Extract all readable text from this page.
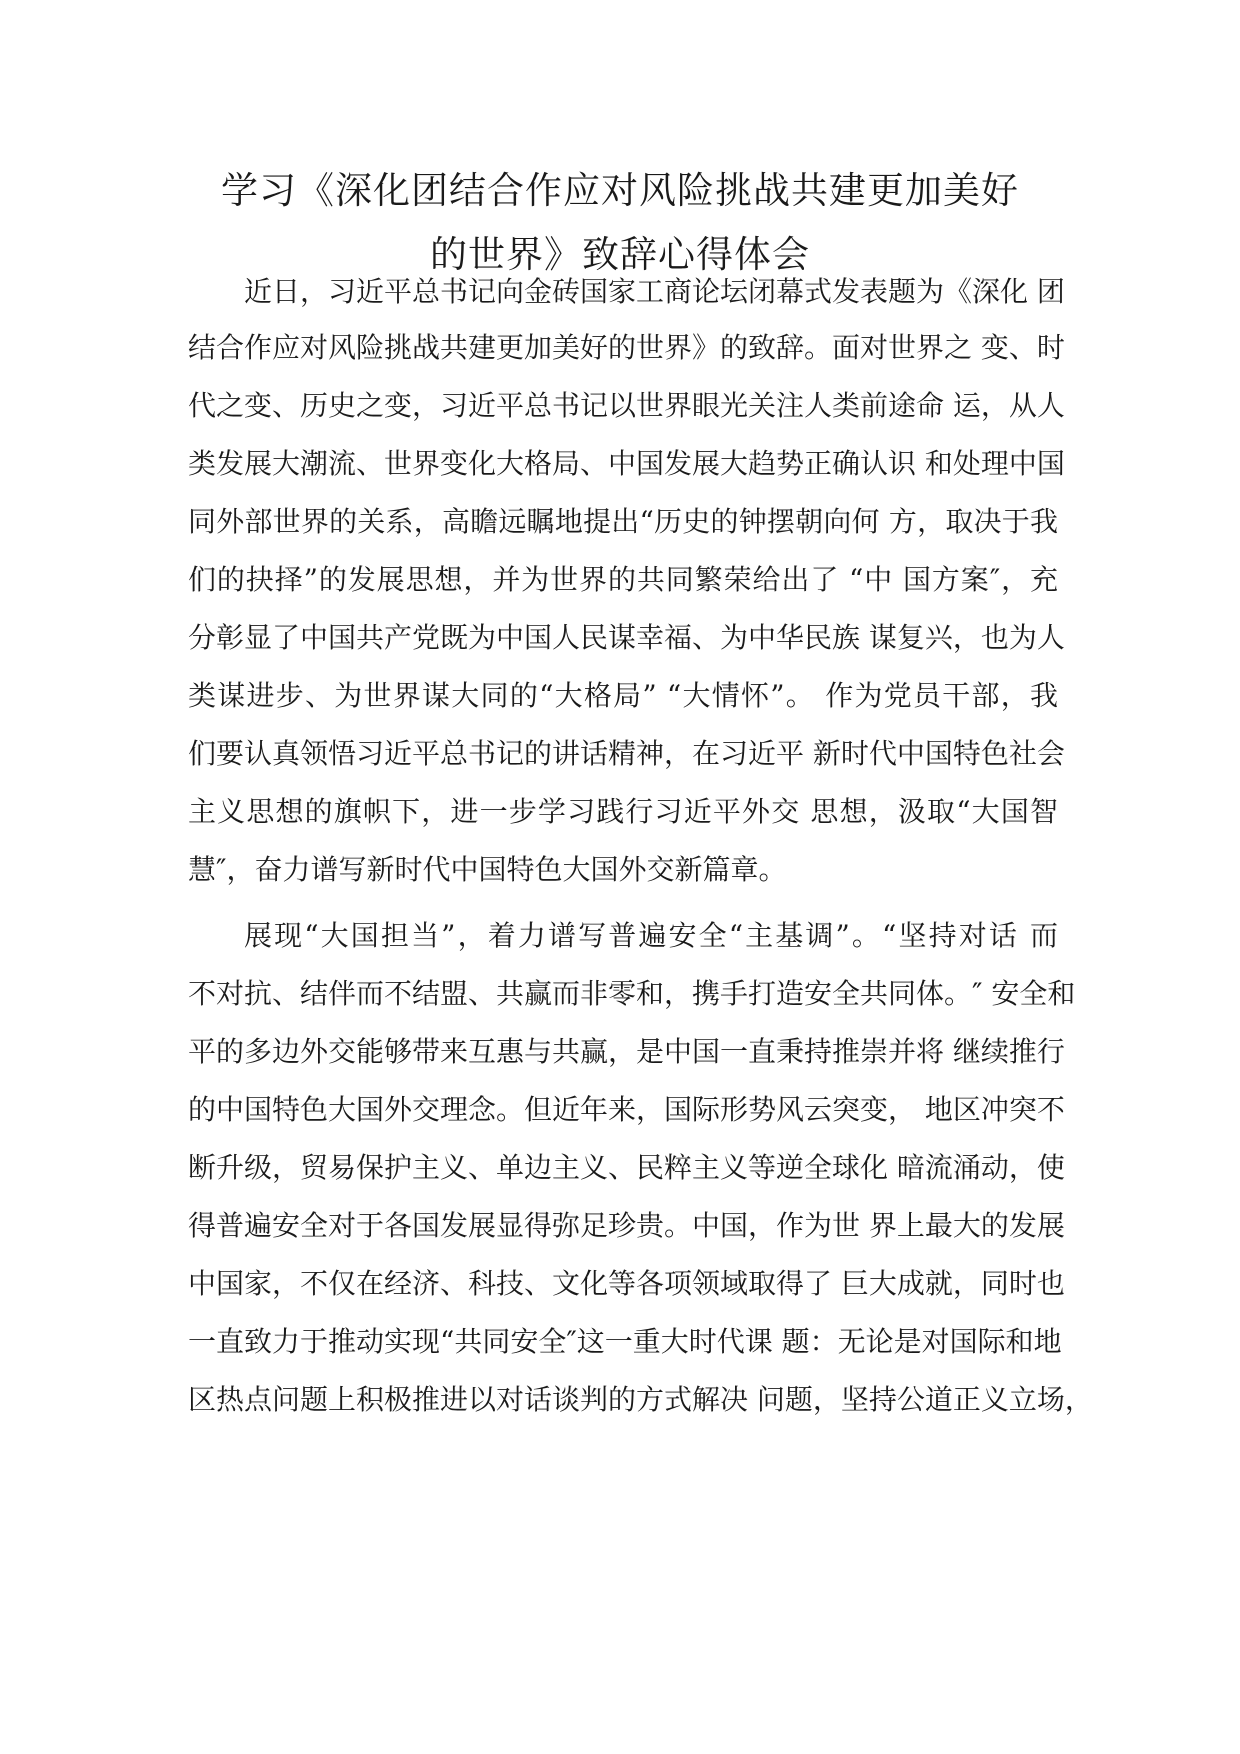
学习《深化团结合作应对风险挑战共建更加美好
的世界》致辞心得体会
近日，习近平总书记向金砖国家工商论坛闭幕式发表题为《深化 团
结合作应对风险挑战共建更加美好的世界》的致辞。面对世界之 变、时
代之变、历史之变，习近平总书记以世界眼光关注人类前途命 运，从人
类发展大潮流、世界变化大格局、中国发展大趋势正确认识 和处理中国
同外部世界的关系，高瞻远瞩地提出“历史的钟摆朝向何 方，取决于我
们的抉择”的发展思想，并为世界的共同繁荣给出了 “中 国方案″，充
分彰显了中国共产党既为中国人民谋幸福、为中华民族 谋复兴，也为人
类谋进步、为世界谋大同的“大格局” “大情怀”。 作为党员干部，我
们要认真领悟习近平总书记的讲话精神，在习近平 新时代中国特色社会
主义思想的旗帜下，进一步学习践行习近平外交 思想，汲取“大国智
慧″，奋力谱写新时代中国特色大国外交新篇章。
展现“大国担当”，着力谱写普遍安全“主基调”。“坚持对话 而
不对抗、结伴而不结盟、共赢而非零和，携手打造安全共同体。″ 安全和
平的多边外交能够带来互惠与共赢，是中国一直秉持推崇并将 继续推行
的中国特色大国外交理念。但近年来，国际形势风云突变， 地区冲突不
断升级，贸易保护主义、单边主义、民粹主义等逆全球化 暗流涌动，使
得普遍安全对于各国发展显得弥足珍贵。中国，作为世 界上最大的发展
中国家，不仅在经济、科技、文化等各项领域取得了 巨大成就，同时也
一直致力于推动实现“共同安全″这一重大时代课 题：无论是对国际和地
区热点问题上积极推进以对话谈判的方式解决 问题，坚持公道正义立场，
